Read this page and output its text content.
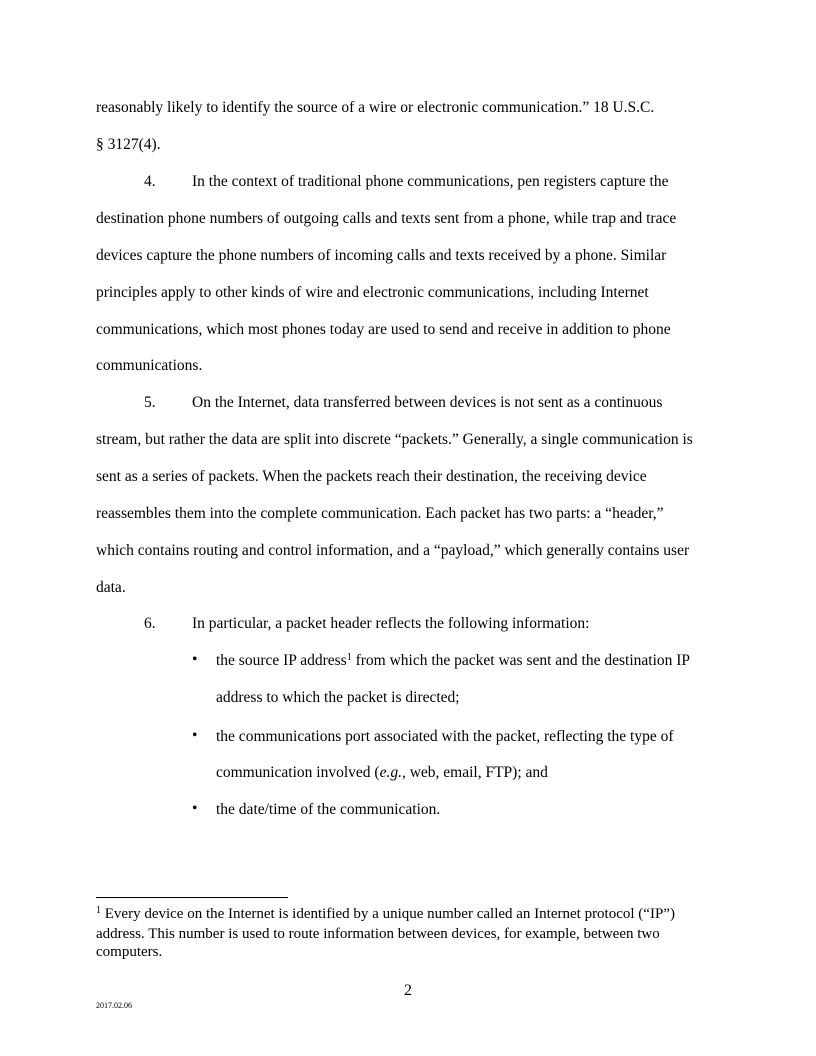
reasonably likely to identify the source of a wire or electronic communication.” 18 U.S.C.
§ 3127(4).
4. In the context of traditional phone communications, pen registers capture the
destination phone numbers of outgoing calls and texts sent from a phone, while trap and trace
devices capture the phone numbers of incoming calls and texts received by a phone. Similar
principles apply to other kinds of wire and electronic communications, including Internet
communications, which most phones today are used to send and receive in addition to phone
communications.
5. On the Internet, data transferred between devices is not sent as a continuous
stream, but rather the data are split into discrete “packets.” Generally, a single communication is
sent as a series of packets. When the packets reach their destination, the receiving device
reassembles them into the complete communication. Each packet has two parts: a “header,”
which contains routing and control information, and a “payload,” which generally contains user
data.
6. In particular, a packet header reflects the following information:
• the source IP address$^1$ from which the packet was sent and the destination IP
address to which the packet is directed;
• the communications port associated with the packet, reflecting the type of
communication involved (e.g., web, email, FTP); and
• the date/time of the communication.
$^1$ Every device on the Internet is identified by a unique number called an Internet protocol (“IP”) address. This number is used to route information between devices, for example, between two computers.
2
2017.02.06
